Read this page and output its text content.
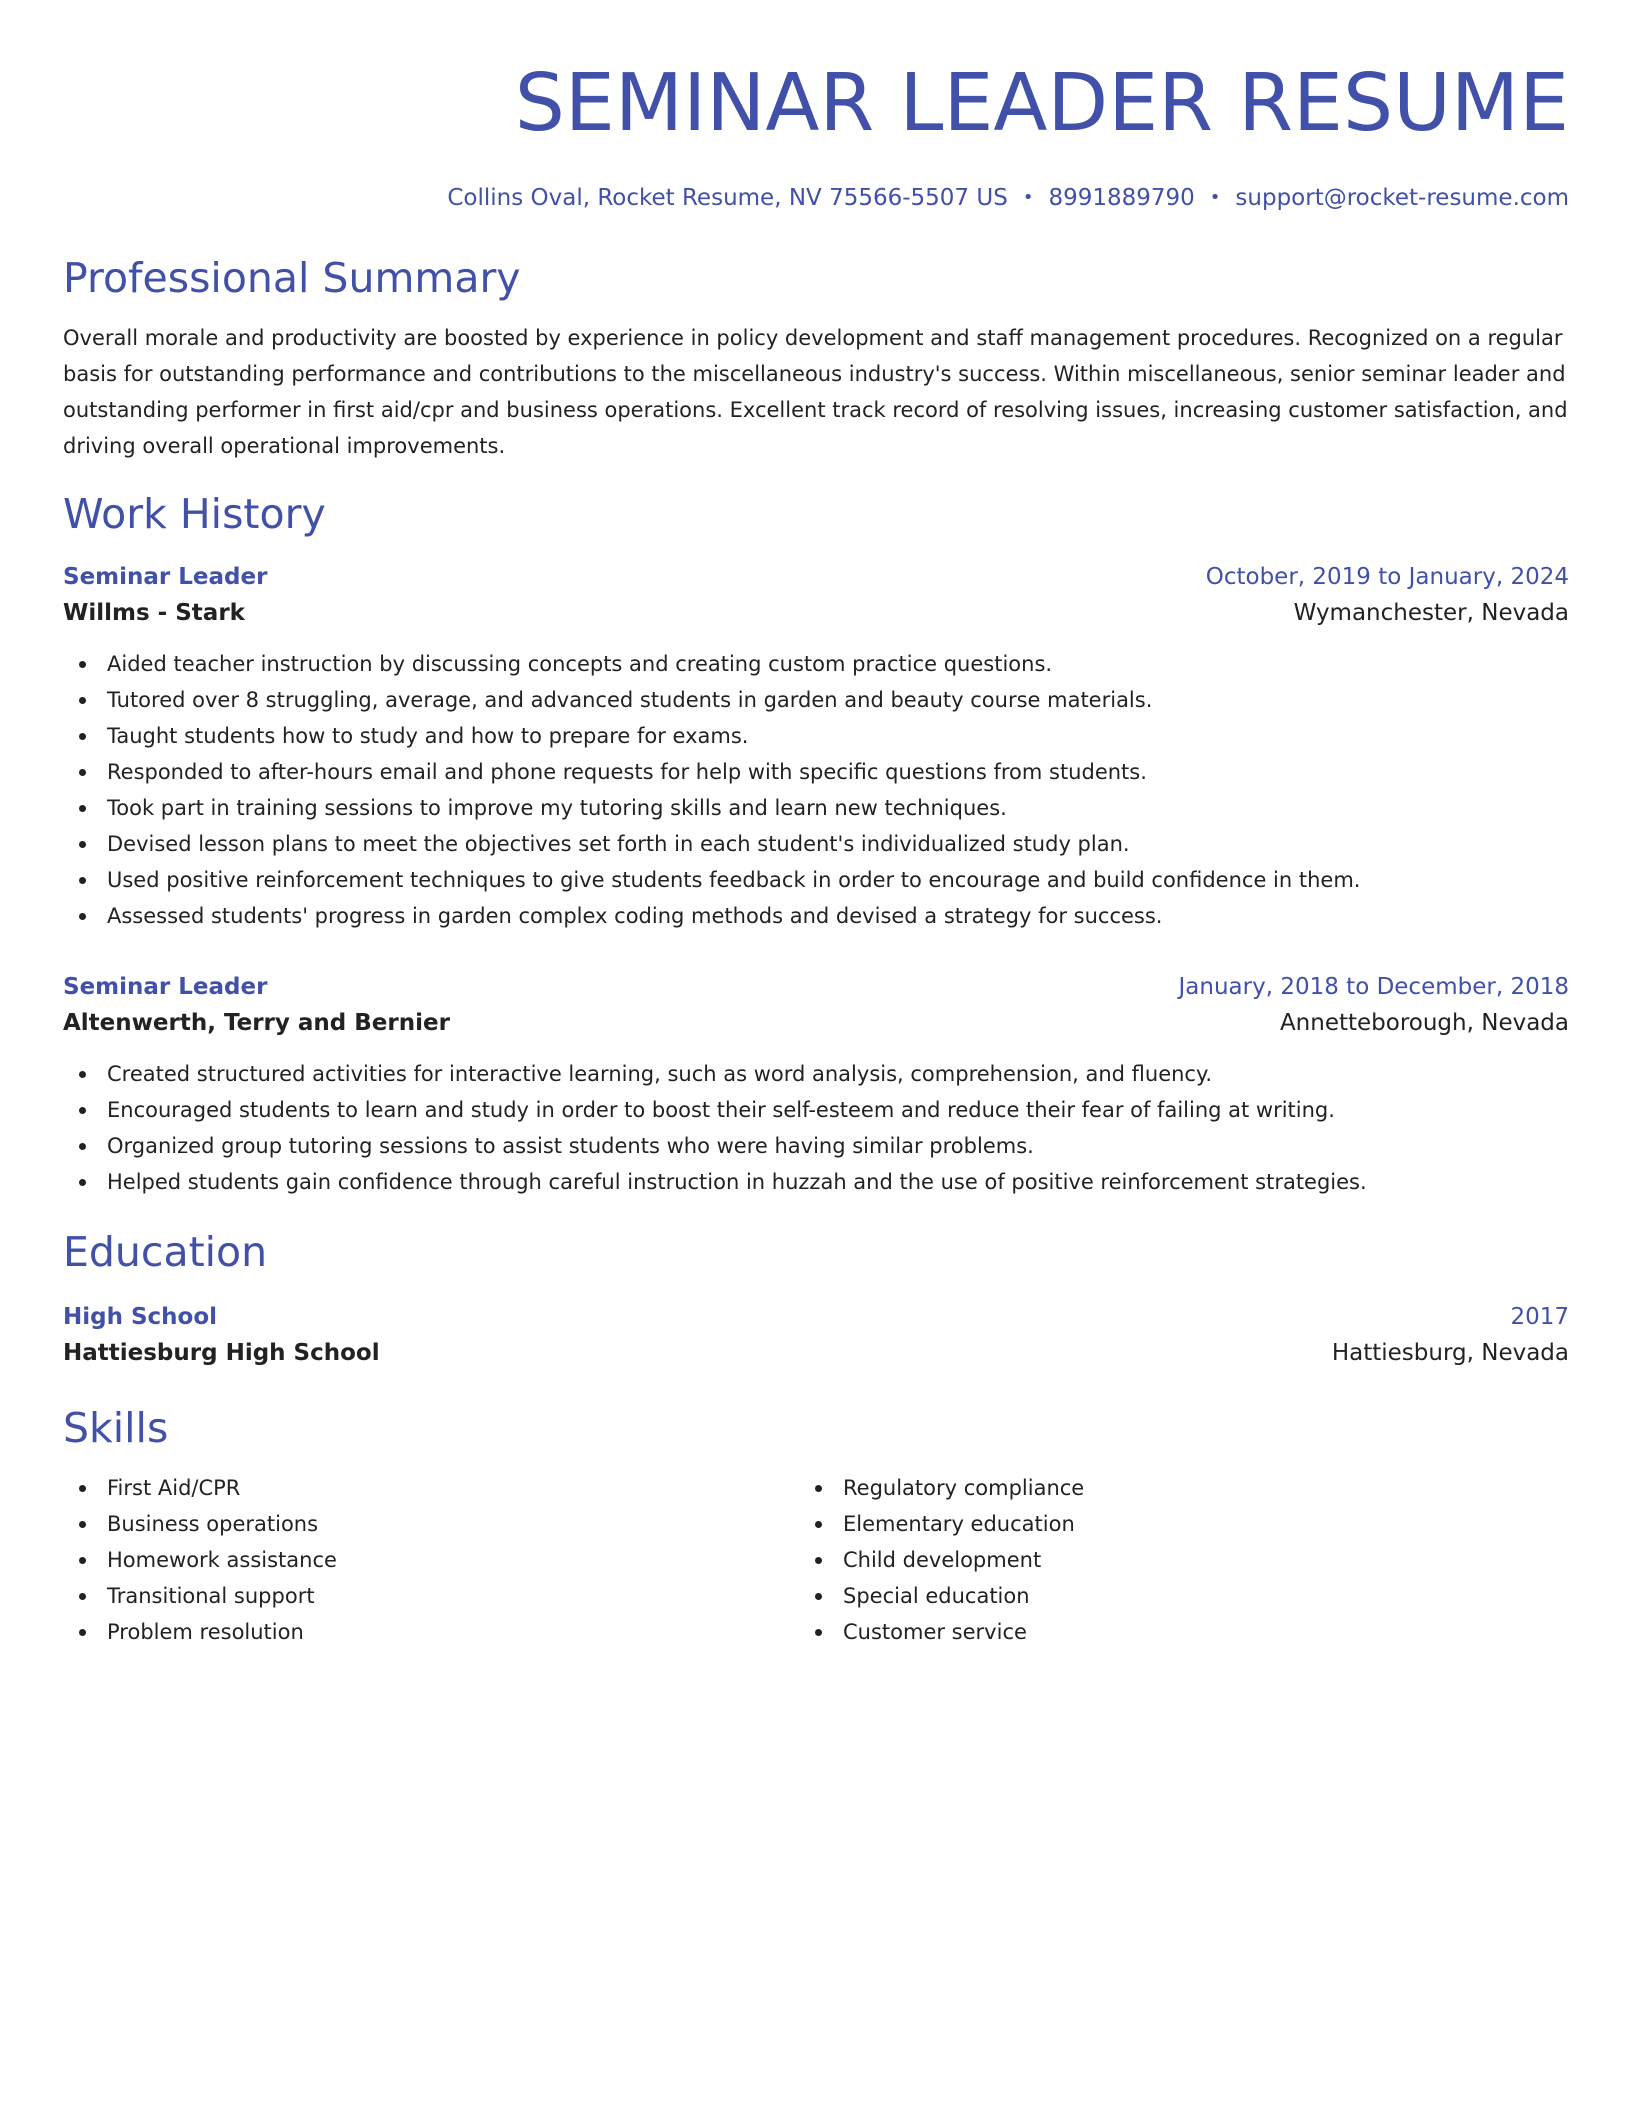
SEMINAR LEADER RESUME
Collins Oval, Rocket Resume, NV 75566-5507 US • 8991889790 • support@rocket-resume.com
Professional Summary
Overall morale and productivity are boosted by experience in policy development and staff management procedures. Recognized on a regular basis for outstanding performance and contributions to the miscellaneous industry's success. Within miscellaneous, senior seminar leader and outstanding performer in first aid/cpr and business operations. Excellent track record of resolving issues, increasing customer satisfaction, and driving overall operational improvements.
Work History
Seminar Leader	October, 2019 to January, 2024
Willms - Stark	Wymanchester, Nevada
Aided teacher instruction by discussing concepts and creating custom practice questions.
Tutored over 8 struggling, average, and advanced students in garden and beauty course materials.
Taught students how to study and how to prepare for exams.
Responded to after-hours email and phone requests for help with specific questions from students.
Took part in training sessions to improve my tutoring skills and learn new techniques.
Devised lesson plans to meet the objectives set forth in each student's individualized study plan.
Used positive reinforcement techniques to give students feedback in order to encourage and build confidence in them.
Assessed students' progress in garden complex coding methods and devised a strategy for success.
Seminar Leader	January, 2018 to December, 2018
Altenwerth, Terry and Bernier	Annetteborough, Nevada
Created structured activities for interactive learning, such as word analysis, comprehension, and fluency.
Encouraged students to learn and study in order to boost their self-esteem and reduce their fear of failing at writing.
Organized group tutoring sessions to assist students who were having similar problems.
Helped students gain confidence through careful instruction in huzzah and the use of positive reinforcement strategies.
Education
High School	2017
Hattiesburg High School	Hattiesburg, Nevada
Skills
First Aid/CPR
Business operations
Homework assistance
Transitional support
Problem resolution
Regulatory compliance
Elementary education
Child development
Special education
Customer service
